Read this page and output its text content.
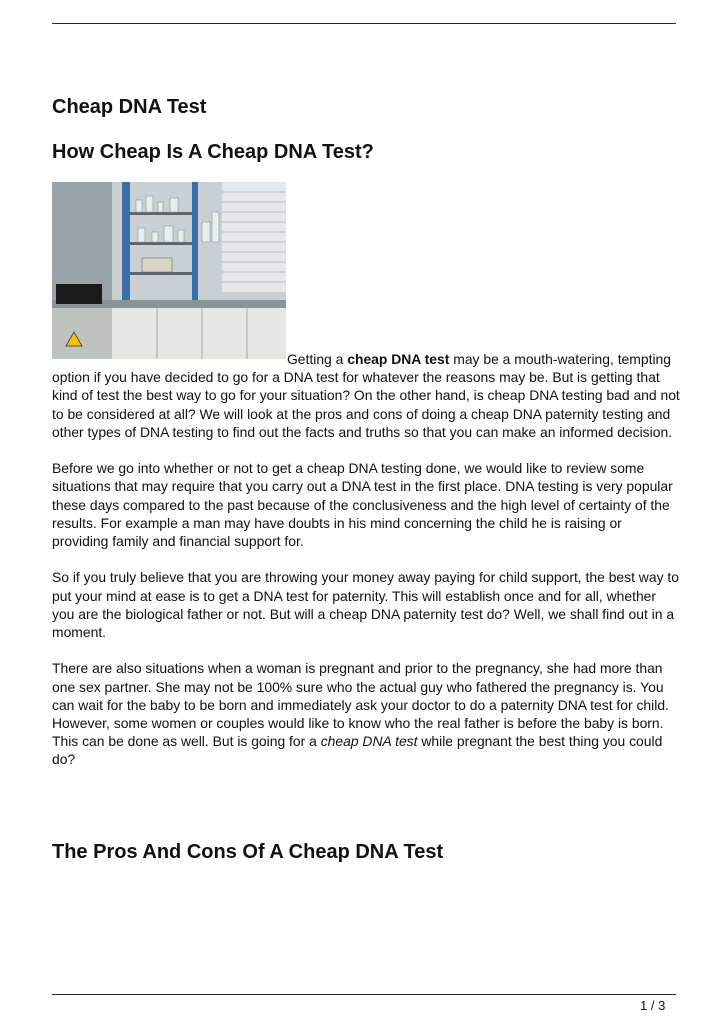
Cheap DNA Test
How Cheap Is A Cheap DNA Test?

Getting a cheap DNA test may be a mouth-watering, tempting option if you have decided to go for a DNA test for whatever the reasons may be. But is getting that kind of test the best way to go for your situation? On the other hand, is cheap DNA testing bad and not to be considered at all? We will look at the pros and cons of doing a cheap DNA paternity testing and other types of DNA testing to find out the facts and truths so that you can make an informed decision.

Before we go into whether or not to get a cheap DNA testing done, we would like to review some situations that may require that you carry out a DNA test in the first place. DNA testing is very popular these days compared to the past because of the conclusiveness and the high level of certainty of the results. For example a man may have doubts in his mind concerning the child he is raising or providing family and financial support for.

So if you truly believe that you are throwing your money away paying for child support, the best way to put your mind at ease is to get a DNA test for paternity. This will establish once and for all, whether you are the biological father or not. But will a cheap DNA paternity test do? Well, we shall find out in a moment.

There are also situations when a woman is pregnant and prior to the pregnancy, she had more than one sex partner. She may not be 100% sure who the actual guy who fathered the pregnancy is. You can wait for the baby to be born and immediately ask your doctor to do a paternity DNA test for child. However, some women or couples would like to know who the real father is before the baby is born. This can be done as well. But is going for a cheap DNA test while pregnant the best thing you could do?

The Pros And Cons Of A Cheap DNA Test
1 / 3
